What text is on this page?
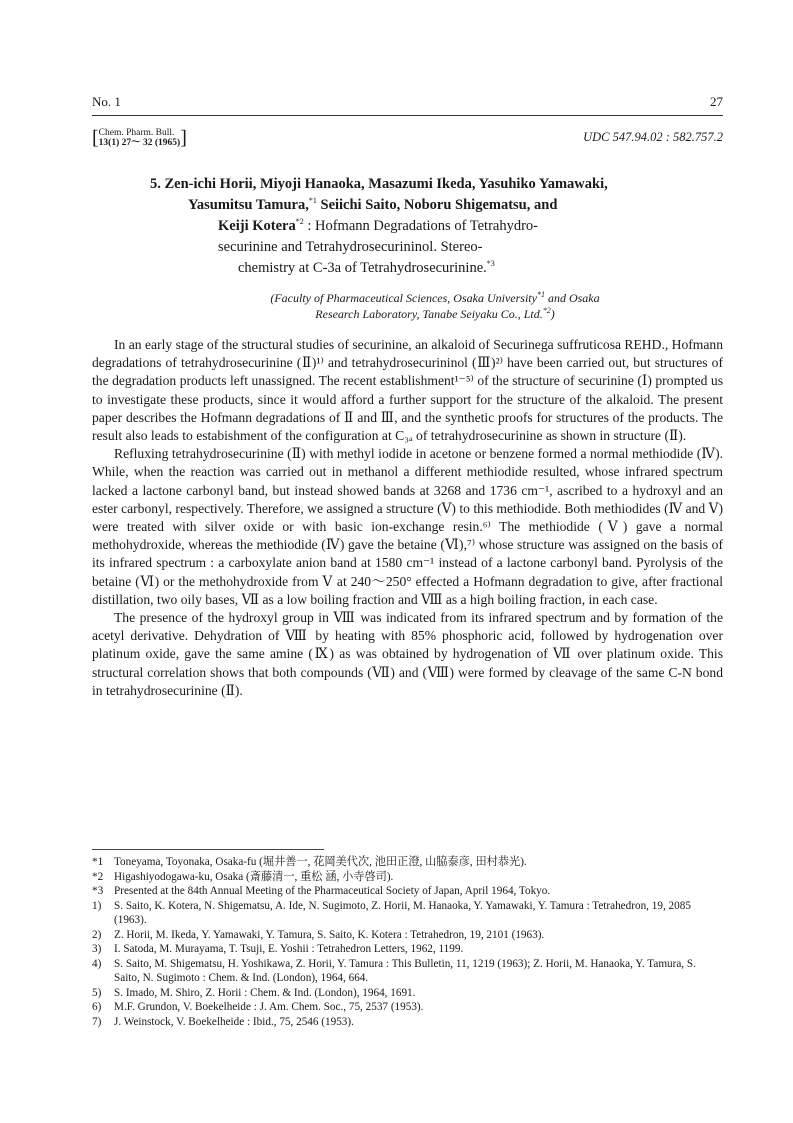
No. 1	27
[Chem. Pharm. Bull.
13(1) 27～ 32 (1965)]	UDC 547.94.02 : 582.757.2
5. Zen-ichi Horii, Miyoji Hanaoka, Masazumi Ikeda, Yasuhiko Yamawaki,
Yasumitsu Tamura,$^{*1}$ Seiichi Saito, Noboru Shigematsu, and
Keiji Kotera$^{*2}$ : Hofmann Degradations of Tetrahydro-
securinine and Tetrahydrosecurininol. Stereo-
chemistry at C-3a of Tetrahydrosecurinine.$^{*3}$
(Faculty of Pharmaceutical Sciences, Osaka University$^{*1}$ and Osaka
Research Laboratory, Tanabe Seiyaku Co., Ltd.$^{*2}$)

In an early stage of the structural studies of securinine, an alkaloid of Securinega suffruticosa REHD., Hofmann degradations of tetrahydrosecurinine (Ⅱ)¹⁾ and tetrahydrosecurininol (Ⅲ)²⁾ have been carried out, but structures of the degradation products left unassigned. The recent establishment¹⁻⁵⁾ of the structure of securinine (Ⅰ) prompted us to investigate these products, since it would afford a further support for the structure of the alkaloid. The present paper describes the Hofmann degradations of Ⅱ and Ⅲ, and the synthetic proofs for structures of the products. The result also leads to estabishment of the configuration at C₃ₐ of tetrahydrosecurinine as shown in structure (Ⅱ).

Refluxing tetrahydrosecurinine (Ⅱ) with methyl iodide in acetone or benzene formed a normal methiodide (Ⅳ). While, when the reaction was carried out in methanol a different methiodide resulted, whose infrared spectrum lacked a lactone carbonyl band, but instead showed bands at 3268 and 1736 cm⁻¹, ascribed to a hydroxyl and an ester carbonyl, respectively. Therefore, we assigned a structure (Ⅴ) to this methiodide. Both methiodides (Ⅳ and Ⅴ) were treated with silver oxide or with basic ion-exchange resin.⁶⁾ The methiodide (Ⅴ) gave a normal methohydroxide, whereas the methiodide (Ⅳ) gave the betaine (Ⅵ),⁷⁾ whose structure was assigned on the basis of its infrared spectrum : a carboxylate anion band at 1580 cm⁻¹ instead of a lactone carbonyl band. Pyrolysis of the betaine (Ⅵ) or the methohydroxide from Ⅴ at 240～250° effected a Hofmann degradation to give, after fractional distillation, two oily bases, Ⅶ as a low boiling fraction and Ⅷ as a high boiling fraction, in each case.

The presence of the hydroxyl group in Ⅷ was indicated from its infrared spectrum and by formation of the acetyl derivative. Dehydration of Ⅷ by heating with 85% phosphoric acid, followed by hydrogenation over platinum oxide, gave the same amine (Ⅸ) as was obtained by hydrogenation of Ⅶ over platinum oxide. This structural correlation shows that both compounds (Ⅶ) and (Ⅷ) were formed by cleavage of the same C-N bond in tetrahydrosecurinine (Ⅱ).

*1 Toneyama, Toyonaka, Osaka-fu (堀井善一, 花岡美代次, 池田正澄, 山脇泰彦, 田村恭光).
*2 Higashiyodogawa-ku, Osaka (斎藤清一, 重松 涵, 小寺啓司).
*3 Presented at the 84th Annual Meeting of the Pharmaceutical Society of Japan, April 1964, Tokyo.
1)	S. Saito, K. Kotera, N. Shigematsu, A. Ide, N. Sugimoto, Z. Horii, M. Hanaoka, Y. Yamawaki, Y. Tamura : Tetrahedron, 19, 2085 (1963).
2)	Z. Horii, M. Ikeda, Y. Yamawaki, Y. Tamura, S. Saito, K. Kotera : Tetrahedron, 19, 2101 (1963).
3)	I. Satoda, M. Murayama, T. Tsuji, E. Yoshii : Tetrahedron Letters, 1962, 1199.
4)	S. Saito, M. Shigematsu, H. Yoshikawa, Z. Horii, Y. Tamura : This Bulletin, 11, 1219 (1963); Z. Horii, M. Hanaoka, Y. Tamura, S. Saito, N. Sugimoto : Chem. & Ind. (London), 1964, 664.
5)	S. Imado, M. Shiro, Z. Horii : Chem. & Ind. (London), 1964, 1691.
6)	M.F. Grundon, V. Boekelheide : J. Am. Chem. Soc., 75, 2537 (1953).
7)	J. Weinstock, V. Boekelheide : Ibid., 75, 2546 (1953).
